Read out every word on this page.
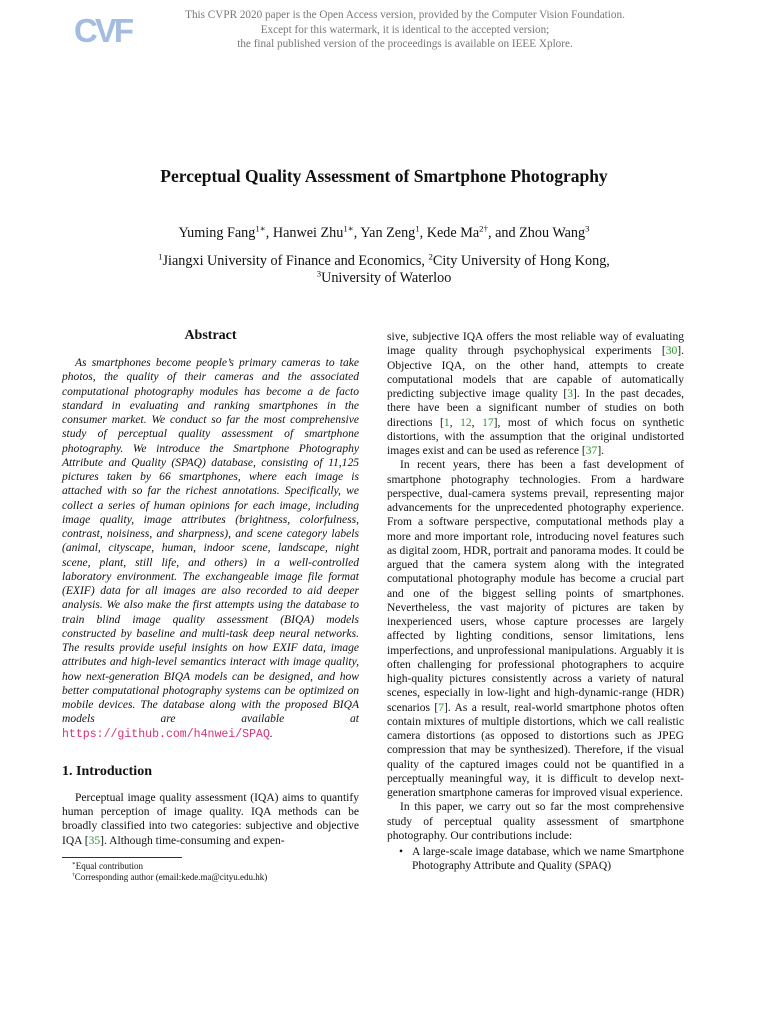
CVF	This CVPR 2020 paper is the Open Access version, provided by the Computer Vision Foundation.
Except for this watermark, it is identical to the accepted version;
the final published version of the proceedings is available on IEEE Xplore.
Perceptual Quality Assessment of Smartphone Photography
Yuming Fang$^{1∗}$, Hanwei Zhu$^{1∗}$, Yan Zeng$^1$, Kede $Ma^{2\dagger}$, and Zhou Wang$^3$
$^1$Jiangxi University of Finance and Economics, $^2$City University of Hong Kong,
$^3$University of Waterloo
Abstract

As smartphones become people’s primary cameras to take photos, the quality of their cameras and the associated computational photography modules has become a de facto standard in evaluating and ranking smartphones in the consumer market. We conduct so far the most comprehensive study of perceptual quality assessment of smartphone photography. We introduce the Smartphone Photography Attribute and Quality (SPAQ) database, consisting of 11,125 pictures taken by 66 smartphones, where each image is attached with so far the richest annotations. Specifically, we collect a series of human opinions for each image, including image quality, image attributes (brightness, colorfulness, contrast, noisiness, and sharpness), and scene category labels (animal, cityscape, human, indoor scene, landscape, night scene, plant, still life, and others) in a well-controlled laboratory environment. The exchangeable image file format (EXIF) data for all images are also recorded to aid deeper analysis. We also make the first attempts using the database to train blind image quality assessment (BIQA) models constructed by baseline and multi-task deep neural networks. The results provide useful insights on how EXIF data, image attributes and high-level semantics interact with image quality, how next-generation BIQA models can be designed, and how better computational photography systems can be optimized on mobile devices. The database along with the proposed BIQA models are available at https://github.com/h4nwei/SPAQ.

1. Introduction

Perceptual image quality assessment (IQA) aims to quantify human perception of image quality. IQA methods can be broadly classified into two categories: subjective and objective IQA [35]. Although time-consuming and expen-

∗Equal contribution

†Corresponding author (email:kede.ma@cityu.edu.hk)

sive, subjective IQA offers the most reliable way of evaluating image quality through psychophysical experiments [30]. Objective IQA, on the other hand, attempts to create computational models that are capable of automatically predicting subjective image quality [3]. In the past decades, there have been a significant number of studies on both directions [1, 12, 17], most of which focus on synthetic distortions, with the assumption that the original undistorted images exist and can be used as reference [37].

In recent years, there has been a fast development of smartphone photography technologies. From a hardware perspective, dual-camera systems prevail, representing major advancements for the unprecedented photography experience. From a software perspective, computational methods play a more and more important role, introducing novel features such as digital zoom, HDR, portrait and panorama modes. It could be argued that the camera system along with the integrated computational photography module has become a crucial part and one of the biggest selling points of smartphones. Nevertheless, the vast majority of pictures are taken by inexperienced users, whose capture processes are largely affected by lighting conditions, sensor limitations, lens imperfections, and unprofessional manipulations. Arguably it is often challenging for professional photographers to acquire high-quality pictures consistently across a variety of natural scenes, especially in low-light and high-dynamic-range (HDR) scenarios [7]. As a result, real-world smartphone photos often contain mixtures of multiple distortions, which we call realistic camera distortions (as opposed to distortions such as JPEG compression that may be synthesized). Therefore, if the visual quality of the captured images could not be quantified in a perceptually meaningful way, it is difficult to develop next-generation smartphone cameras for improved visual experience.

In this paper, we carry out so far the most comprehensive study of perceptual quality assessment of smartphone photography. Our contributions include:

• A large-scale image database, which we name Smartphone Photography Attribute and Quality (SPAQ)
